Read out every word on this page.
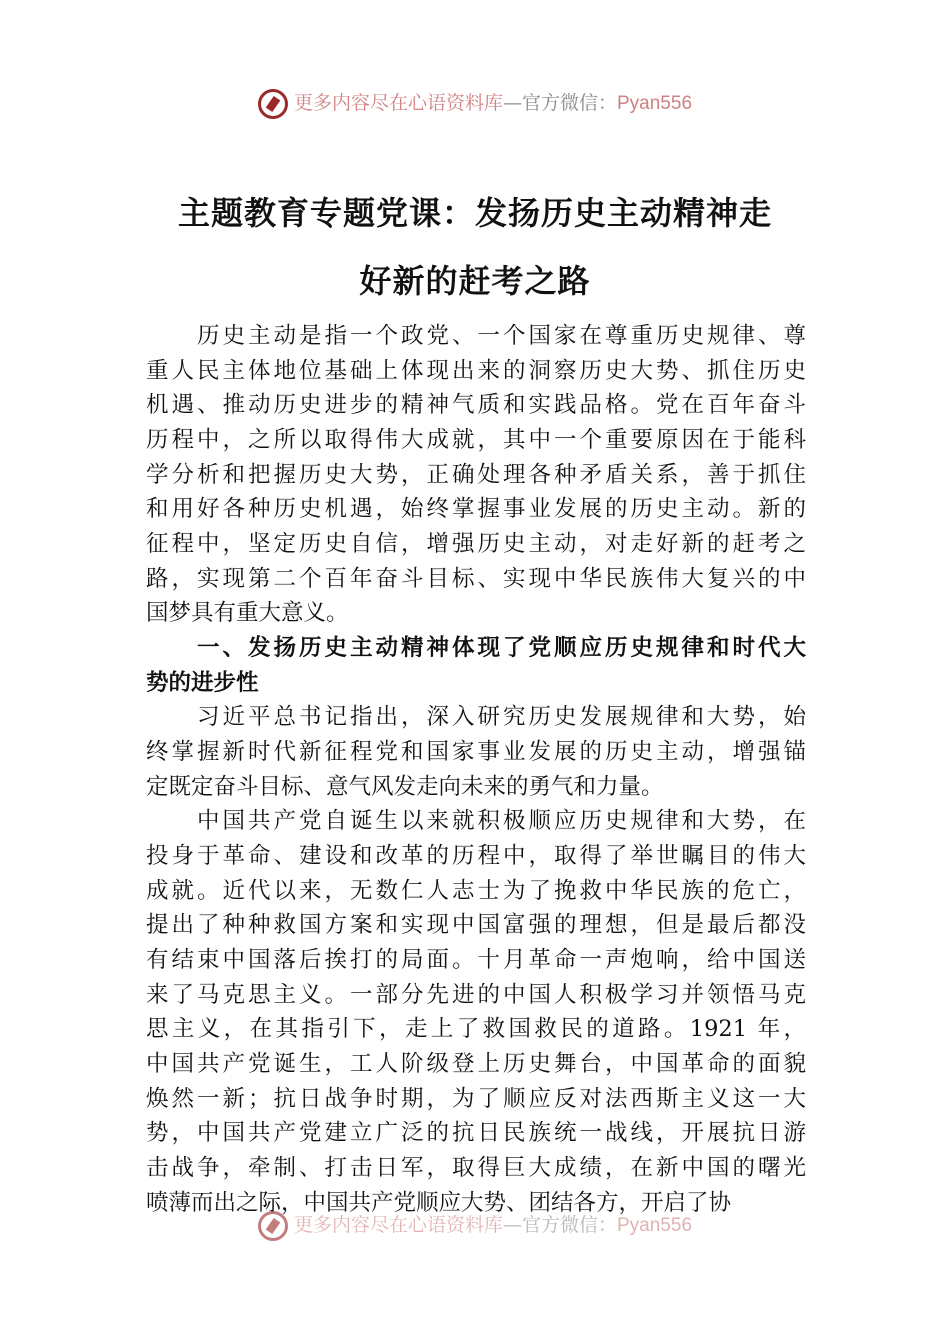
更多内容尽在心语资料库—官方微信：Pyan556
主题教育专题党课：发扬历史主动精神走
好新的赶考之路
历史主动是指一个政党、一个国家在尊重历史规律、尊
重人民主体地位基础上体现出来的洞察历史大势、抓住历史
机遇、推动历史进步的精神气质和实践品格。党在百年奋斗
历程中，之所以取得伟大成就，其中一个重要原因在于能科
学分析和把握历史大势，正确处理各种矛盾关系，善于抓住
和用好各种历史机遇，始终掌握事业发展的历史主动。新的
征程中，坚定历史自信，增强历史主动，对走好新的赶考之
路，实现第二个百年奋斗目标、实现中华民族伟大复兴的中
国梦具有重大意义。
一、发扬历史主动精神体现了党顺应历史规律和时代大
势的进步性
习近平总书记指出，深入研究历史发展规律和大势，始
终掌握新时代新征程党和国家事业发展的历史主动，增强锚
定既定奋斗目标、意气风发走向未来的勇气和力量。
中国共产党自诞生以来就积极顺应历史规律和大势，在
投身于革命、建设和改革的历程中，取得了举世瞩目的伟大
成就。近代以来，无数仁人志士为了挽救中华民族的危亡，
提出了种种救国方案和实现中国富强的理想，但是最后都没
有结束中国落后挨打的局面。十月革命一声炮响，给中国送
来了马克思主义。一部分先进的中国人积极学习并领悟马克
思主义，在其指引下，走上了救国救民的道路。1921 年，
中国共产党诞生，工人阶级登上历史舞台，中国革命的面貌
焕然一新；抗日战争时期，为了顺应反对法西斯主义这一大
势，中国共产党建立广泛的抗日民族统一战线，开展抗日游
击战争，牵制、打击日军，取得巨大成绩，在新中国的曙光
喷薄而出之际，中国共产党顺应大势、团结各方，开启了协
更多内容尽在心语资料库—官方微信：Pyan556
